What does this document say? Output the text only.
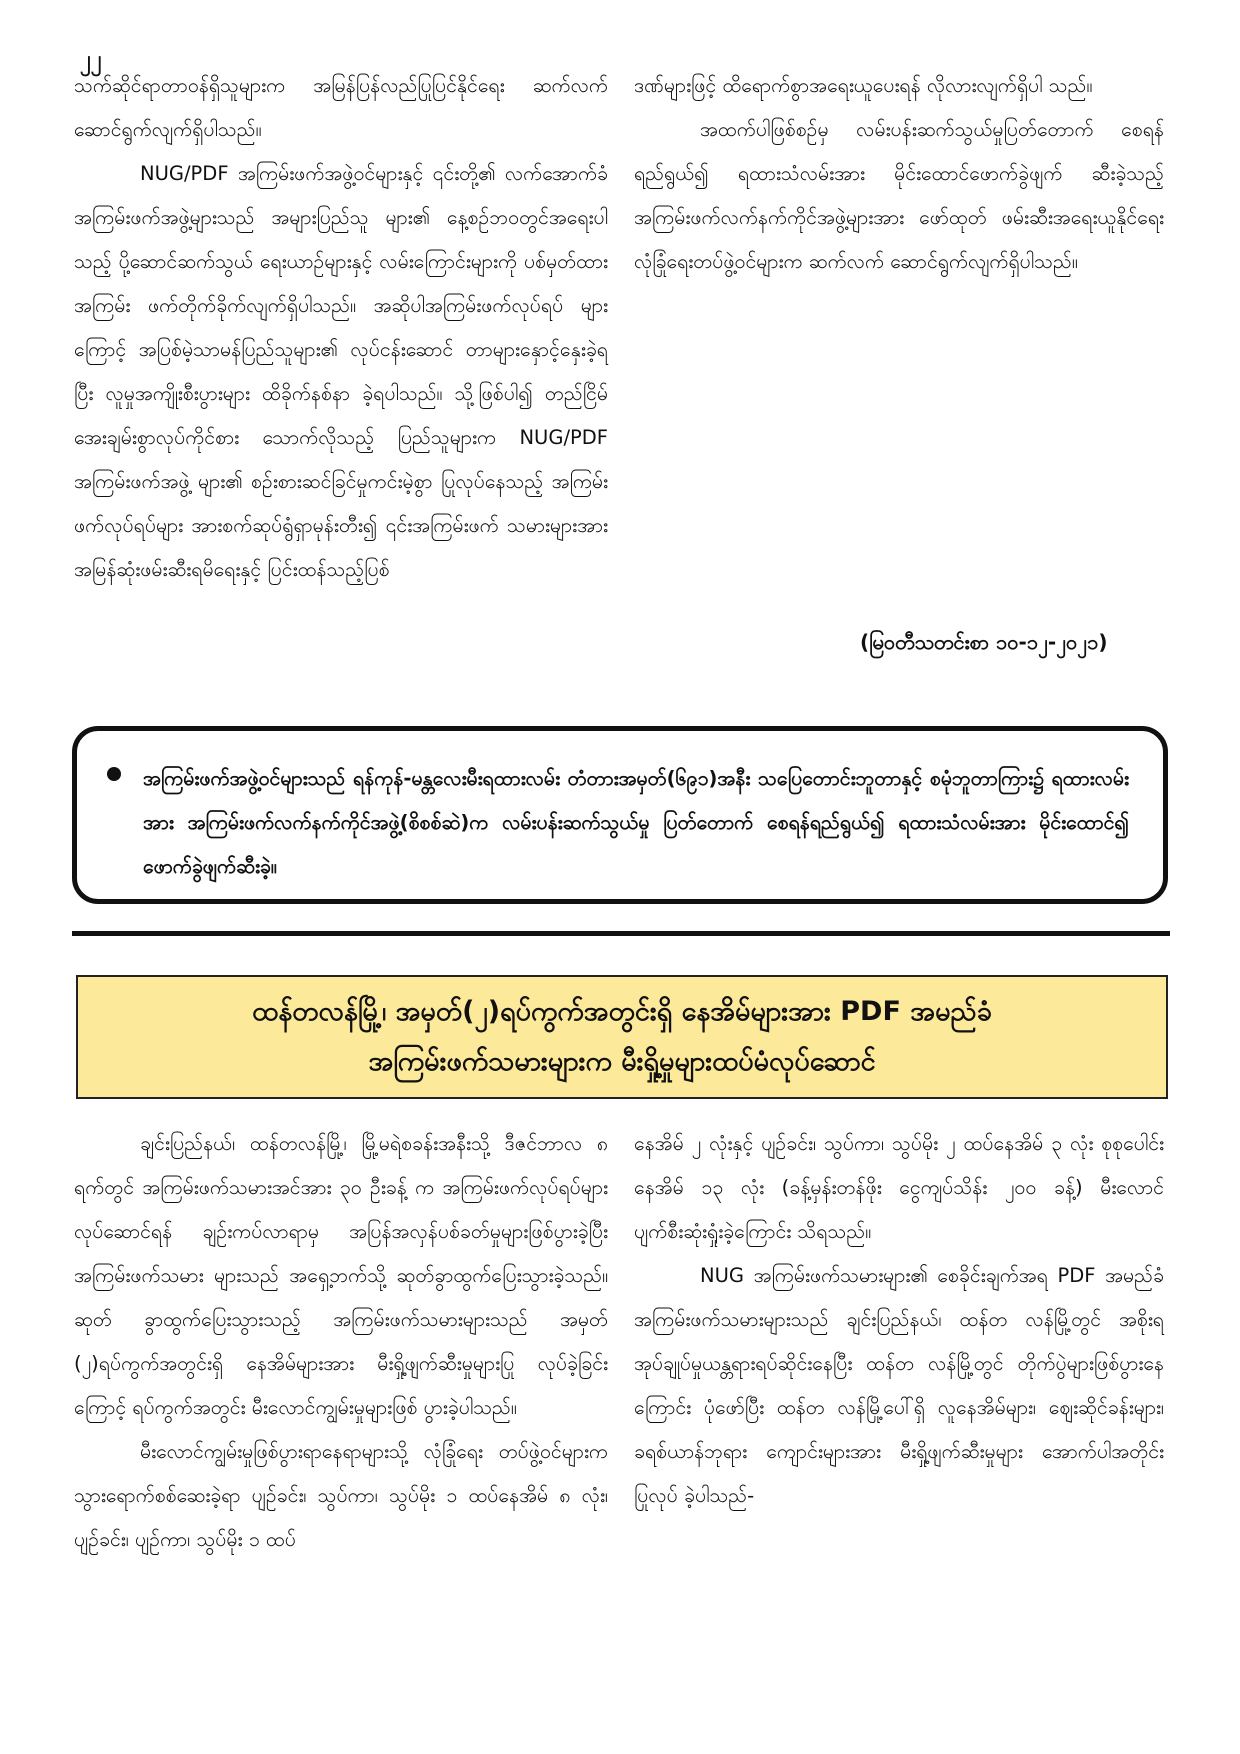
၂၂

သက်ဆိုင်ရာတာဝန်ရှိသူများက အမြန်ပြန်လည်ပြုပြင်နိုင်ရေး ဆက်လက်ဆောင်ရွက်လျက်ရှိပါသည်။

NUG/PDF အကြမ်းဖက်အဖွဲ့ဝင်များနှင့် ၎င်းတို့၏ လက်အောက်ခံ အကြမ်းဖက်အဖွဲ့များသည် အများပြည်သူ များ၏ နေ့စဉ်ဘဝတွင်အရေးပါသည့် ပို့ဆောင်ဆက်သွယ် ရေးယာဉ်များနှင့် လမ်းကြောင်းများကို ပစ်မှတ်ထားအကြမ်း ဖက်တိုက်ခိုက်လျက်ရှိပါသည်။ အဆိုပါအကြမ်းဖက်လုပ်ရပ် များကြောင့် အပြစ်မဲ့သာမန်ပြည်သူများ၏ လုပ်ငန်းဆောင် တာများနှောင့်နှေးခဲ့ရပြီး လူမှုအကျိုးစီးပွားများ ထိခိုက်နစ်နာ ခဲ့ရပါသည်။ သို့ဖြစ်ပါ၍ တည်ငြိမ်အေးချမ်းစွာလုပ်ကိုင်စား သောက်လိုသည့် ပြည်သူများက NUG/PDF အကြမ်းဖက်အဖွဲ့ များ၏ စဉ်းစားဆင်ခြင်မှုကင်းမဲ့စွာ ပြုလုပ်နေသည့် အကြမ်း ဖက်လုပ်ရပ်များ အားစက်ဆုပ်ရွံရှာမုန်းတီး၍ ၎င်းအကြမ်းဖက် သမားများအား အမြန်ဆုံးဖမ်းဆီးရမိရေးနှင့် ပြင်းထန်သည့်ပြစ်

ဒဏ်များဖြင့် ထိရောက်စွာအရေးယူပေးရန် လိုလားလျက်ရှိပါ သည်။

အထက်ပါဖြစ်စဉ်မှ လမ်းပန်းဆက်သွယ်မှုပြတ်တောက် စေရန်ရည်ရွယ်၍ ရထားသံလမ်းအား မိုင်းထောင်ဖောက်ခွဲဖျက် ဆီးခဲ့သည့် အကြမ်းဖက်လက်နက်ကိုင်အဖွဲ့များအား ဖော်ထုတ် ဖမ်းဆီးအရေးယူနိုင်ရေး လုံခြုံရေးတပ်ဖွဲ့ဝင်များက ဆက်လက် ဆောင်ရွက်လျက်ရှိပါသည်။

(မြဝတီသတင်းစာ ၁၀-၁၂-၂၀၂၁)
အကြမ်းဖက်အဖွဲ့ဝင်များသည် ရန်ကုန်-မန္တလေးမီးရထားလမ်း တံတားအမှတ်(၆၉၁)အနီး သပြေတောင်းဘူတာနှင့် စမုံဘူတာကြား၌ ရထားလမ်းအား အကြမ်းဖက်လက်နက်ကိုင်အဖွဲ့(စိစစ်ဆဲ)က လမ်းပန်းဆက်သွယ်မှု ပြတ်တောက် စေရန်ရည်ရွယ်၍ ရထားသံလမ်းအား မိုင်းထောင်၍ ဖောက်ခွဲဖျက်ဆီးခဲ့။
ထန်တလန်မြို့၊ အမှတ်(၂)ရပ်ကွက်အတွင်းရှိ နေအိမ်များအား PDF အမည်ခံ
အကြမ်းဖက်သမားများက မီးရှို့မှုများထပ်မံလုပ်ဆောင်

ချင်းပြည်နယ်၊ ထန်တလန်မြို့၊ မြို့မရဲစခန်းအနီးသို့ ဒီဇင်ဘာလ ၈ ရက်တွင် အကြမ်းဖက်သမားအင်အား ၃၀ ဦးခန့် က အကြမ်းဖက်လုပ်ရပ်များလုပ်ဆောင်ရန် ချဉ်းကပ်လာရာမှ အပြန်အလှန်ပစ်ခတ်မှုများဖြစ်ပွားခဲ့ပြီး အကြမ်းဖက်သမား များသည် အရှေ့ဘက်သို့ ဆုတ်ခွာထွက်ပြေးသွားခဲ့သည်။ ဆုတ် ခွာထွက်ပြေးသွားသည့် အကြမ်းဖက်သမားများသည် အမှတ် (၂)ရပ်ကွက်အတွင်းရှိ နေအိမ်များအား မီးရှို့ဖျက်ဆီးမှုများပြု လုပ်ခဲ့ခြင်းကြောင့် ရပ်ကွက်အတွင်း မီးလောင်ကျွမ်းမှုများဖြစ် ပွားခဲ့ပါသည်။

မီးလောင်ကျွမ်းမှုဖြစ်ပွားရာနေရာများသို့ လုံခြုံရေး တပ်ဖွဲ့ဝင်များက သွားရောက်စစ်ဆေးခဲ့ရာ ပျဉ်ခင်း၊ သွပ်ကာ၊ သွပ်မိုး ၁ ထပ်နေအိမ် ၈ လုံး၊ ပျဉ်ခင်း၊ ပျဉ်ကာ၊ သွပ်မိုး ၁ ထပ်

နေအိမ် ၂ လုံးနှင့် ပျဉ်ခင်း၊ သွပ်ကာ၊ သွပ်မိုး ၂ ထပ်နေအိမ် ၃ လုံး စုစုပေါင်း နေအိမ် ၁၃ လုံး (ခန့်မှန်းတန်ဖိုး ငွေကျပ်သိန်း ၂၀၀ ခန့်) မီးလောင်ပျက်စီးဆုံးရှုံးခဲ့ကြောင်း သိရသည်။

NUG အကြမ်းဖက်သမားများ၏ စေခိုင်းချက်အရ PDF အမည်ခံ အကြမ်းဖက်သမားများသည် ချင်းပြည်နယ်၊ ထန်တ လန်မြို့တွင် အစိုးရအုပ်ချုပ်မှုယန္တရားရပ်ဆိုင်းနေပြီး ထန်တ လန်မြို့တွင် တိုက်ပွဲများဖြစ်ပွားနေကြောင်း ပုံဖော်ပြီး ထန်တ လန်မြို့ပေါ်ရှိ လူနေအိမ်များ၊ ဈေးဆိုင်ခန်းများ၊ ခရစ်ယာန်ဘုရား ကျောင်းများအား မီးရှို့ဖျက်ဆီးမှုများ အောက်ပါအတိုင်းပြုလုပ် ခဲ့ပါသည်-
